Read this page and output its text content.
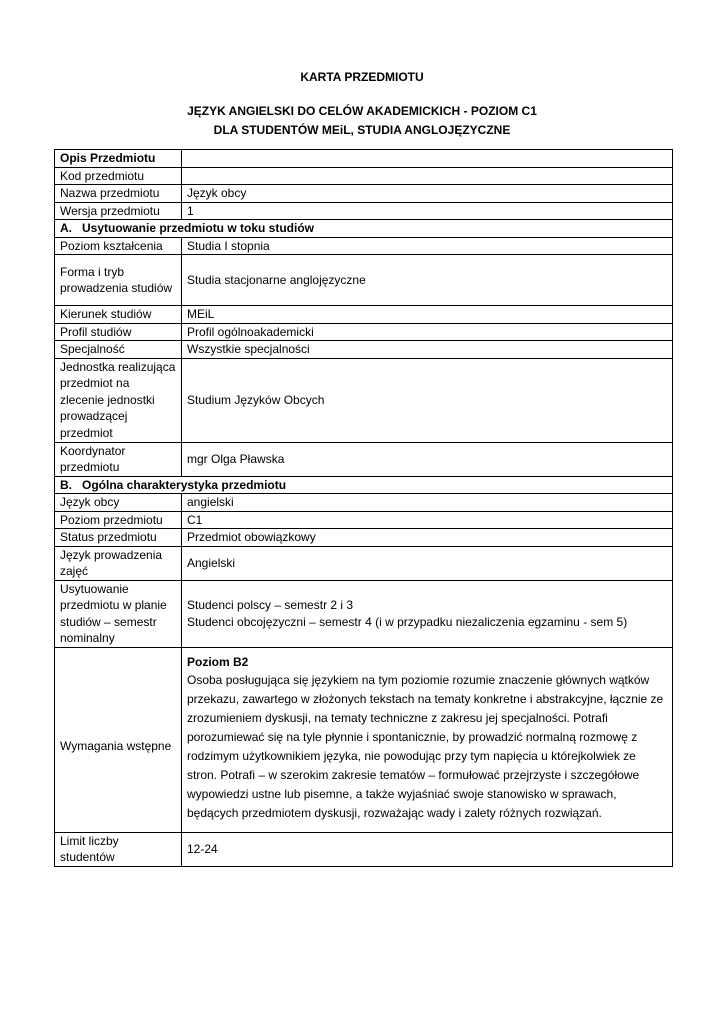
KARTA PRZEDMIOTU
JĘZYK ANGIELSKI DO CELÓW AKADEMICKICH - POZIOM C1
DLA STUDENTÓW MEiL, STUDIA ANGLOJĘZYCZNE
Opis Przedmiotu	
Kod przedmiotu	
Nazwa przedmiotu	Język obcy
Wersja przedmiotu	1
A.   Usytuowanie przedmiotu w toku studiów	
Poziom kształcenia	Studia I stopnia
Forma i tryb prowadzenia studiów	Studia stacjonarne anglojęzyczne
Kierunek studiów	MEiL
Profil studiów	Profil ogólnoakademicki
Specjalność	Wszystkie specjalności
Jednostka realizująca przedmiot na zlecenie jednostki prowadzącej przedmiot	Studium Języków Obcych
Koordynator przedmiotu	mgr Olga Pławska
B.   Ogólna charakterystyka przedmiotu	
Język obcy	angielski
Poziom przedmiotu	C1
Status przedmiotu	Przedmiot obowiązkowy
Język prowadzenia zajęć	Angielski
Usytuowanie przedmiotu w planie studiów – semestr nominalny	Studenci polscy – semestr 2 i 3
Studenci obcojęzyczni – semestr 4 (i w przypadku niezaliczenia egzaminu - sem 5)

Wymagania wstępne	Poziom B2
Osoba posługująca się językiem na tym poziomie rozumie znaczenie głównych wątków przekazu, zawartego w złożonych tekstach na tematy konkretne i abstrakcyjne, łącznie ze zrozumieniem dyskusji, na tematy techniczne z zakresu jej specjalności. Potrafi porozumiewać się na tyle płynnie i spontanicznie, by prowadzić normalną rozmowę z rodzimym użytkownikiem języka, nie powodując przy tym napięcia u którejkolwiek ze stron. Potrafi – w szerokim zakresie tematów – formułować przejrzyste i szczegółowe wypowiedzi ustne lub pisemne, a także wyjaśniać swoje stanowisko w sprawach, będących przedmiotem dyskusji, rozważając wady i zalety różnych rozwiązań.

Limit liczby studentów	12-24
